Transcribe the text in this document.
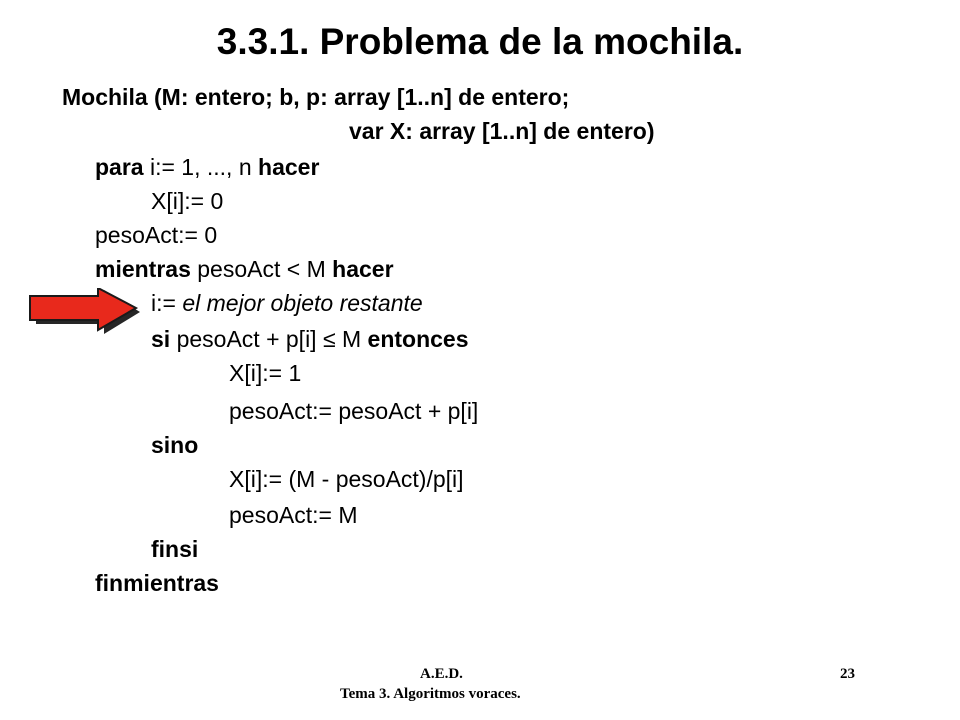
3.3.1. Problema de la mochila.
Mochila (M: entero; b, p: array [1..n] de entero;
var X: array [1..n] de entero)
para i:= 1, ..., n hacer
X[i]:= 0
pesoAct:= 0
mientras pesoAct < M hacer
i:= el mejor objeto restante
si pesoAct + p[i] ≤ M entonces
X[i]:= 1
pesoAct:= pesoAct + p[i]
sino
X[i]:= (M - pesoAct)/p[i]
pesoAct:= M
finsi
finmientras
A.E.D.
Tema 3. Algoritmos voraces.
23
